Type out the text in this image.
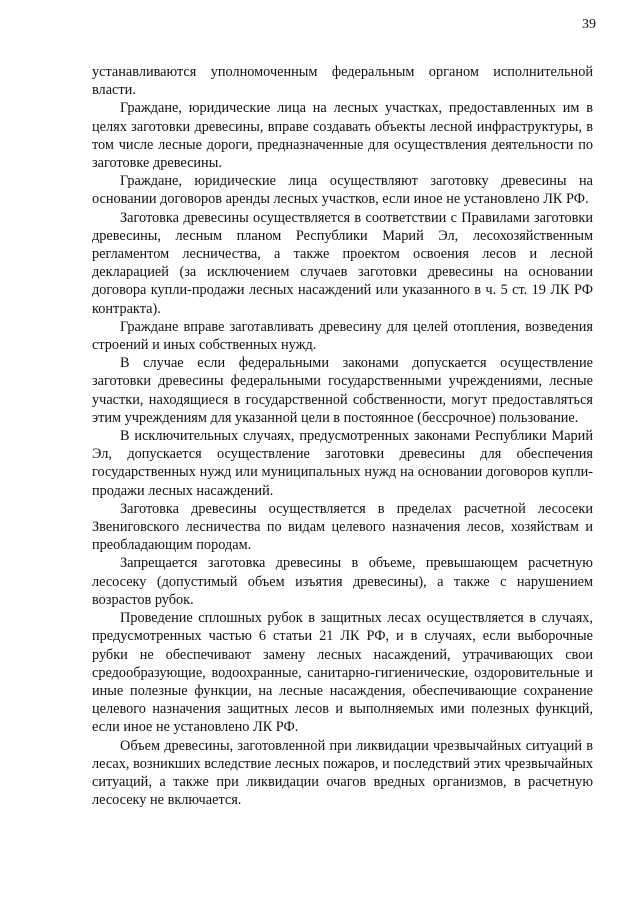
39

устанавливаются уполномоченным федеральным органом исполнительной власти.

Граждане, юридические лица на лесных участках, предоставленных им в целях заготовки древесины, вправе создавать объекты лесной инфраструктуры, в том числе лесные дороги, предназначенные для осуществления деятельности по заготовке древесины.

Граждане, юридические лица осуществляют заготовку древесины на основании договоров аренды лесных участков, если иное не установлено ЛК РФ.

Заготовка древесины осуществляется в соответствии с Правилами заготовки древесины, лесным планом Республики Марий Эл, лесохозяйственным регламентом лесничества, а также проектом освоения лесов и лесной декларацией (за исключением случаев заготовки древесины на основании договора купли-продажи лесных насаждений или указанного в ч. 5 ст. 19 ЛК РФ контракта).

Граждане вправе заготавливать древесину для целей отопления, возведения строений и иных собственных нужд.

В случае если федеральными законами допускается осуществление заготовки древесины федеральными государственными учреждениями, лесные участки, находящиеся в государственной собственности, могут предоставляться этим учреждениям для указанной цели в постоянное (бессрочное) пользование.

В исключительных случаях, предусмотренных законами Республики Марий Эл, допускается осуществление заготовки древесины для обеспечения государственных нужд или муниципальных нужд на основании договоров купли-продажи лесных насаждений.

Заготовка древесины осуществляется в пределах расчетной лесосеки Звениговского лесничества по видам целевого назначения лесов, хозяйствам и преобладающим породам.

Запрещается заготовка древесины в объеме, превышающем расчетную лесосеку (допустимый объем изъятия древесины), а также с нарушением возрастов рубок.

Проведение сплошных рубок в защитных лесах осуществляется в случаях, предусмотренных частью 6 статьи 21 ЛК РФ, и в случаях, если выборочные рубки не обеспечивают замену лесных насаждений, утрачивающих свои средообразующие, водоохранные, санитарно-гигиенические, оздоровительные и иные полезные функции, на лесные насаждения, обеспечивающие сохранение целевого назначения защитных лесов и выполняемых ими полезных функций, если иное не установлено ЛК РФ.

Объем древесины, заготовленной при ликвидации чрезвычайных ситуаций в лесах, возникших вследствие лесных пожаров, и последствий этих чрезвычайных ситуаций, а также при ликвидации очагов вредных организмов, в расчетную лесосеку не включается.
